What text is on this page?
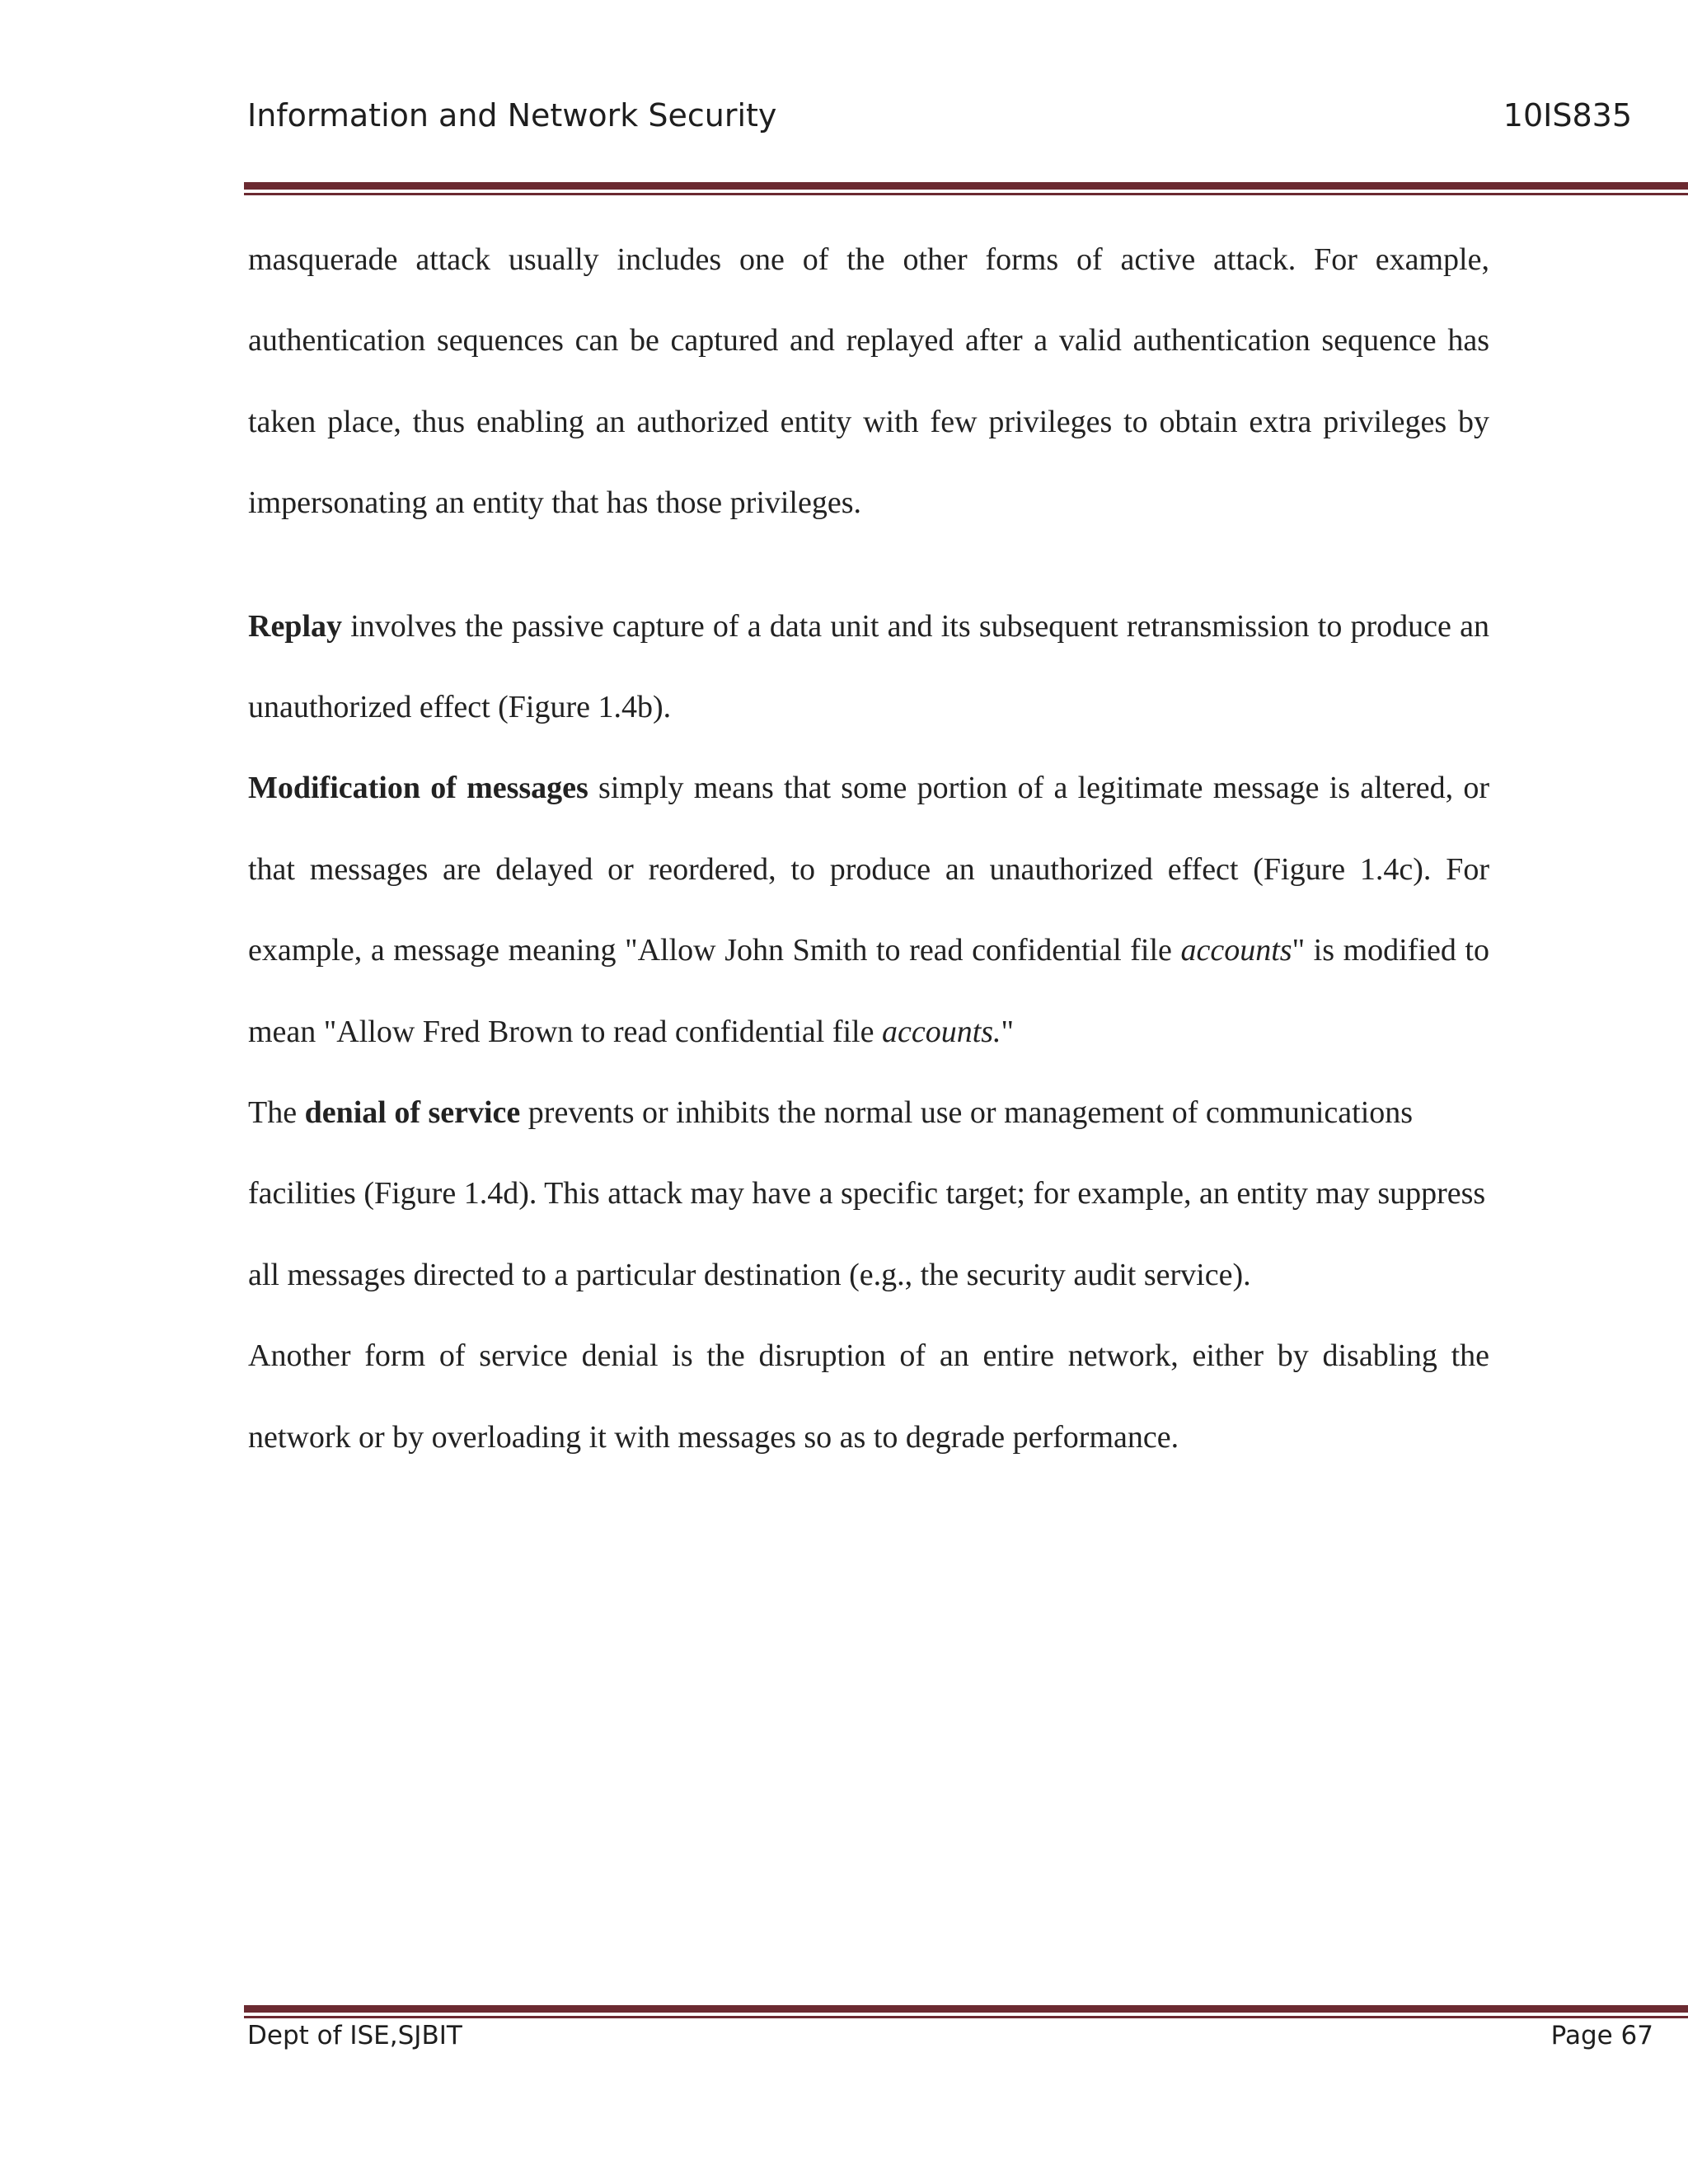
Information and Network Security	10IS835

masquerade attack usually includes one of the other forms of active attack. For example, authentication sequences can be captured and replayed after a valid authentication sequence has taken place, thus enabling an authorized entity with few privileges to obtain extra privileges by impersonating an entity that has those privileges.

Replay involves the passive capture of a data unit and its subsequent retransmission to produce an unauthorized effect (Figure 1.4b).

Modification of messages simply means that some portion of a legitimate message is altered, or that messages are delayed or reordered, to produce an unauthorized effect (Figure 1.4c). For example, a message meaning "Allow John Smith to read confidential file accounts" is modified to mean "Allow Fred Brown to read confidential file accounts."

The denial of service prevents or inhibits the normal use or management of communications facilities (Figure 1.4d). This attack may have a specific target; for example, an entity may suppress all messages directed to a particular destination (e.g., the security audit service).

Another form of service denial is the disruption of an entire network, either by disabling the network or by overloading it with messages so as to degrade performance.

Dept of ISE,SJBIT	Page 67
